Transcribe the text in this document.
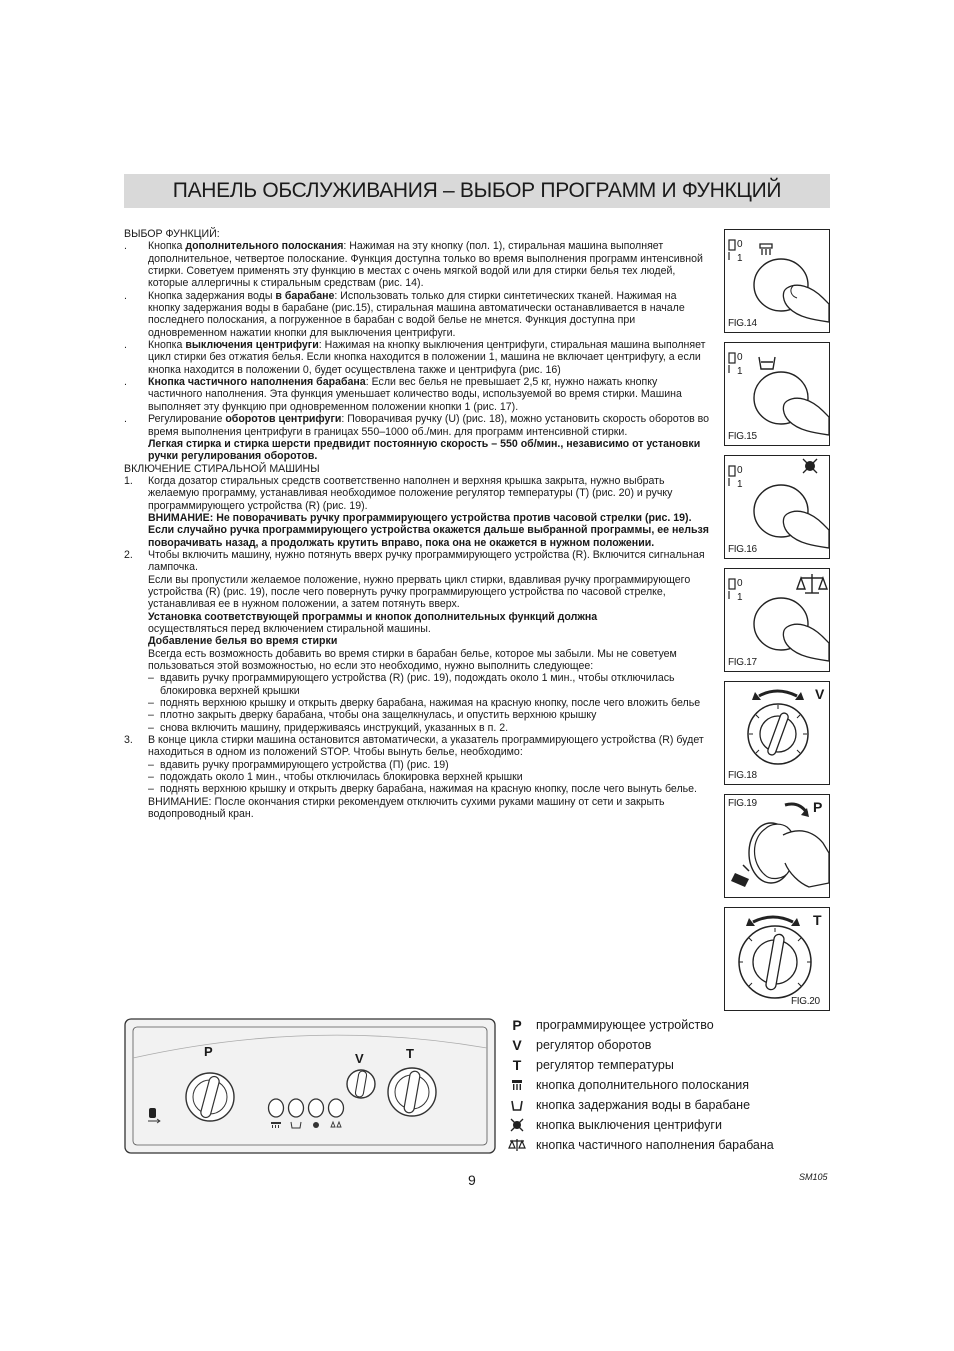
ПАНЕЛЬ ОБСЛУЖИВАНИЯ – ВЫБОР ПРОГРАММ И ФУНКЦИЙ

ВЫБОР ФУНКЦИЙ:

.	Кнопка дополнительного полоскания: Нажимая на эту кнопку (пол. 1), стиральная машина выполняет дополнительное, четвертое полоскание. Функция доступна только во время выполнения программ интенсивной стирки. Советуем применять эту функцию в местах с очень мягкой водой или для стирки белья тех людей, которые аллергичны к стиральным средствам (рис. 14).

.	Кнопка задержания воды в барабане: Использовать только для стирки синтетических тканей. Нажимая на кнопку задержания воды в барабане (рис.15), стиральная машина автоматически останавливается в начале последнего полоскания, а погруженное в барабан с водой белье не мнется. Функция доступна при одновременном нажатии кнопки для выключения центрифуги.

.	Кнопка выключения центрифуги: Нажимая на кнопку выключения центрифуги, стиральная машина выполняет цикл стирки без отжатия белья. Если кнопка находится в положении 1, машина не включает центрифугу, а если кнопка находится в положении 0, будет осуществлена также и центрифуга (рис. 16)

.	Кнопка частичного наполнения барабана: Если вес белья не превышает 2,5 кг, нужно нажать кнопку частичного наполнения. Эта функция уменьшает количество воды, используемой во время стирки. Машина выполняет эту функцию при одновременном положении кнопки 1 (рис. 17).

.	Регулирование оборотов центрифуги: Поворачивая ручку (U) (рис. 18), можно установить скорость оборотов во время выполнения центрифуги в границах 550–1000 об./мин. для программ интенсивной стирки.

Легкая стирка и стирка шерсти предвидит постоянную скорость – 550 об/мин., независимо от установки ручки регулирования оборотов.

ВКЛЮЧЕНИЕ СТИРАЛЬНОЙ МАШИНЫ

1.	Когда дозатор стиральных средств соответственно наполнен и верхняя крышка закрыта, нужно выбрать желаемую программу, устанавливая необходимое положение регулятор температуры (T) (рис. 20) и ручку программирующего устройства (R) (рис. 19).

ВНИМАНИЕ: Не поворачивать ручку программирующего устройства против часовой стрелки (рис. 19). Если случайно ручка программирующего устройства окажется дальше выбранной программы, ее нельзя поворачивать назад, а продолжать крутить вправо, пока она не окажется в нужном положении.

2.	Чтобы включить машину, нужно потянуть вверх ручку программирующего устройства (R). Включится сигнальная лампочка.

Если вы пропустили желаемое положение, нужно прервать цикл стирки, вдавливая ручку программирующего устройства (R) (рис. 19), после чего повернуть ручку программирующего устройства по часовой стрелке, устанавливая ее в нужном положении, а затем потянуть вверх.

Установка соответствующей программы и кнопок дополнительных функций должна

осуществляться перед включением стиральной машины.

Добавление белья во время стирки

Всегда есть возможность добавить во время стирки в барабан белье, которое мы забыли. Мы не советуем пользоваться этой возможностью, но если это необходимо, нужно выполнить следующее:

– вдавить ручку программирующего устройства (R) (рис. 19), подождать около 1 мин., чтобы отключилась блокировка верхней крышки

– поднять верхнюю крышку и открыть дверку барабана, нажимая на красную кнопку, после чего вложить белье

– плотно закрыть дверку барабана, чтобы она защелкнулась, и опустить верхнюю крышку

– снова включить машину, придерживаясь инструкций, указанных в п. 2.

3.	В конце цикла стирки машина остановится автоматически, а указатель программирующего устройства (R) будет находиться в одном из положений STOP. Чтобы вынуть белье, необходимо:

– вдавить ручку программирующего устройства (П) (рис. 19)

– подождать около 1 мин., чтобы отключилась блокировка верхней крышки

– поднять верхнюю крышку и открыть дверку барабана, нажимая на красную кнопку, после чего вынуть белье.

ВНИМАНИЕ: После окончания стирки рекомендуем отключить сухими руками машину от сети и закрыть водопроводный кран.

0
1
FIG.14
0
1
FIG.15
0
1
FIG.16
0
1
FIG.17
V
FIG.18
FIG.19	P
T
FIG.20
P	V	T
P	программирующее устройство
V	регулятор оборотов
T	регулятор температуры
кнопка дополнительного полоскания
кнопка задержания воды в барабане
кнопка выключения центрифуги
кнопка частичного наполнения барабана
9	SM105
